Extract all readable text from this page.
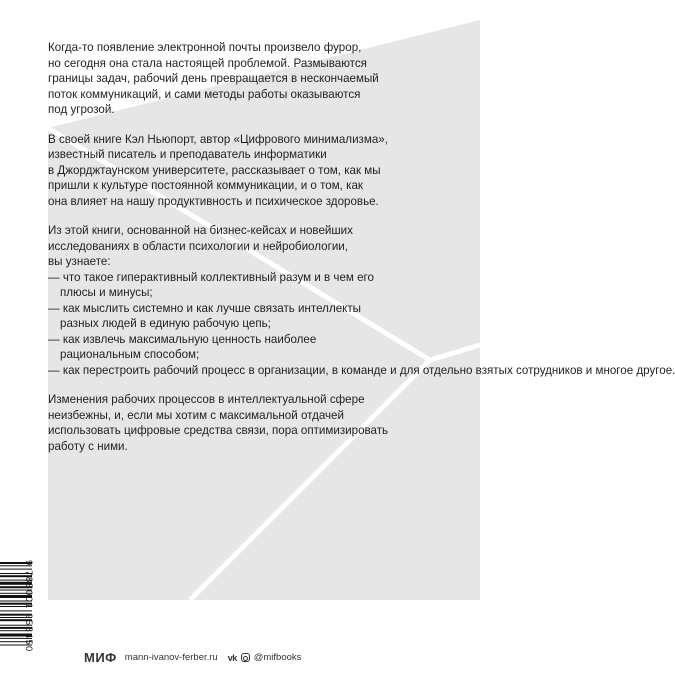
Когда-то появление электронной почты произвело фурор,
но сегодня она стала настоящей проблемой. Размываются
границы задач, рабочий день превращается в нескончаемый
поток коммуникаций, и сами методы работы оказываются
под угрозой.

В своей книге Кэл Ньюпорт, автор «Цифрового минимализма»,
известный писатель и преподаватель информатики
в Джорджтаунском университете, рассказывает о том, как мы
пришли к культуре постоянной коммуникации, и о том, как
она влияет на нашу продуктивность и психическое здоровье.

Из этой книги, основанной на бизнес-кейсах и новейших
исследованиях в области психологии и нейробиологии,
вы узнаете:

— что такое гиперактивный коллективный разум и в чем его
плюсы и минусы;
— как мыслить системно и как лучше связать интеллекты
разных людей в единую рабочую цепь;
— как извлечь максимальную ценность наиболее
рациональным способом;
— как перестроить рабочий процесс в организации, в команде и для отдельно взятых сотрудников и многое другое.

Изменения рабочих процессов в интеллектуальной сфере
неизбежны, и, если мы хотим с максимальной отдачей
использовать цифровые средства связи, пора оптимизировать
работу с ними.

9 785001 955450
МИФ mann-ivanov-ferber.ru vk @mifbooks
